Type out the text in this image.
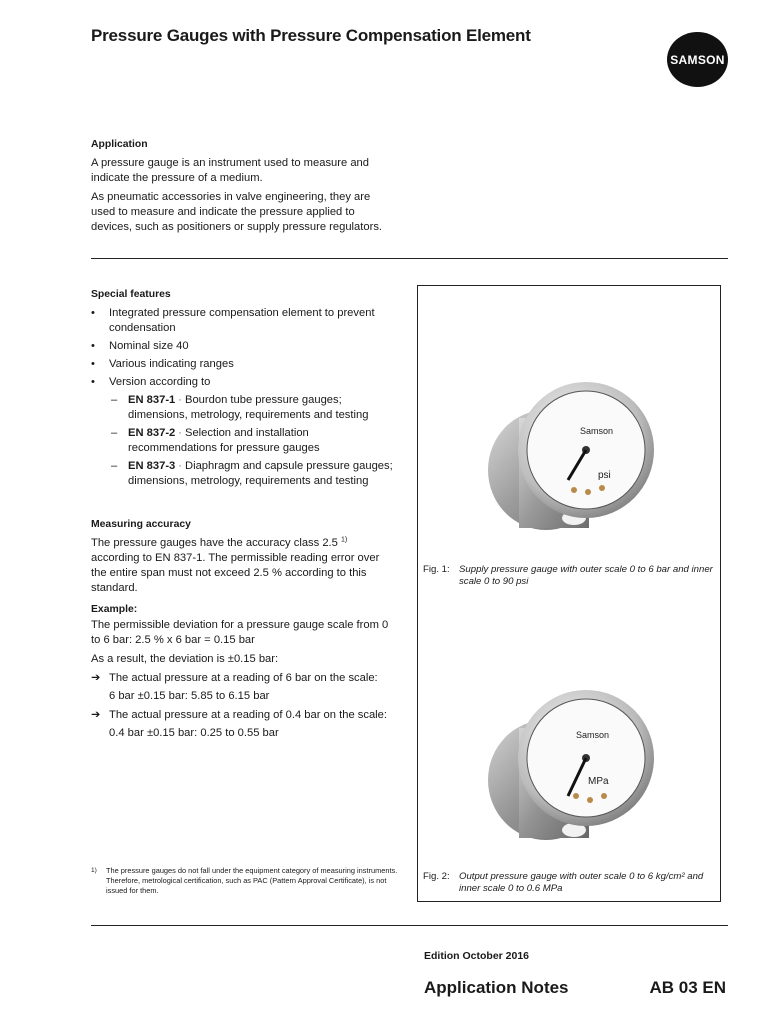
Pressure Gauges with Pressure Compensation Element
SAMSON
Application
A pressure gauge is an instrument used to measure and indicate the pressure of a medium.
As pneumatic accessories in valve engineering, they are used to measure and indicate the pressure applied to devices, such as positioners or supply pressure regulators.
Special features
• Integrated pressure compensation element to prevent condensation
• Nominal size 40
• Various indicating ranges
• Version according to
– EN 837-1 · Bourdon tube pressure gauges; dimensions, metrology, requirements and testing
– EN 837-2 · Selection and installation recommendations for pressure gauges
– EN 837-3 · Diaphragm and capsule pressure gauges; dimensions, metrology, requirements and testing
Measuring accuracy
The pressure gauges have the accuracy class 2.5 $^{1)}$ according to EN 837-1. The permissible reading error over the entire span must not exceed 2.5 % according to this standard.
Example:
The permissible deviation for a pressure gauge scale from 0 to 6 bar: 2.5 % x 6 bar = 0.15 bar
As a result, the deviation is ±0.15 bar:
➔ The actual pressure at a reading of 6 bar on the scale:
6 bar ±0.15 bar: 5.85 to 6.15 bar
➔ The actual pressure at a reading of 0.4 bar on the scale:
0.4 bar ±0.15 bar: 0.25 to 0.55 bar
Samson
psi
Fig. 1: Supply pressure gauge with outer scale 0 to 6 bar and inner scale 0 to 90 psi
Samson
MPa
Fig. 2: Output pressure gauge with outer scale 0 to 6 kg/cm² and inner scale 0 to 0.6 MPa
1)	The pressure gauges do not fall under the equipment category of measuring instruments. Therefore, metrological certification, such as PAC (Pattern Approval Certificate), is not issued for them.
Edition October 2016
Application Notes	AB 03 EN
